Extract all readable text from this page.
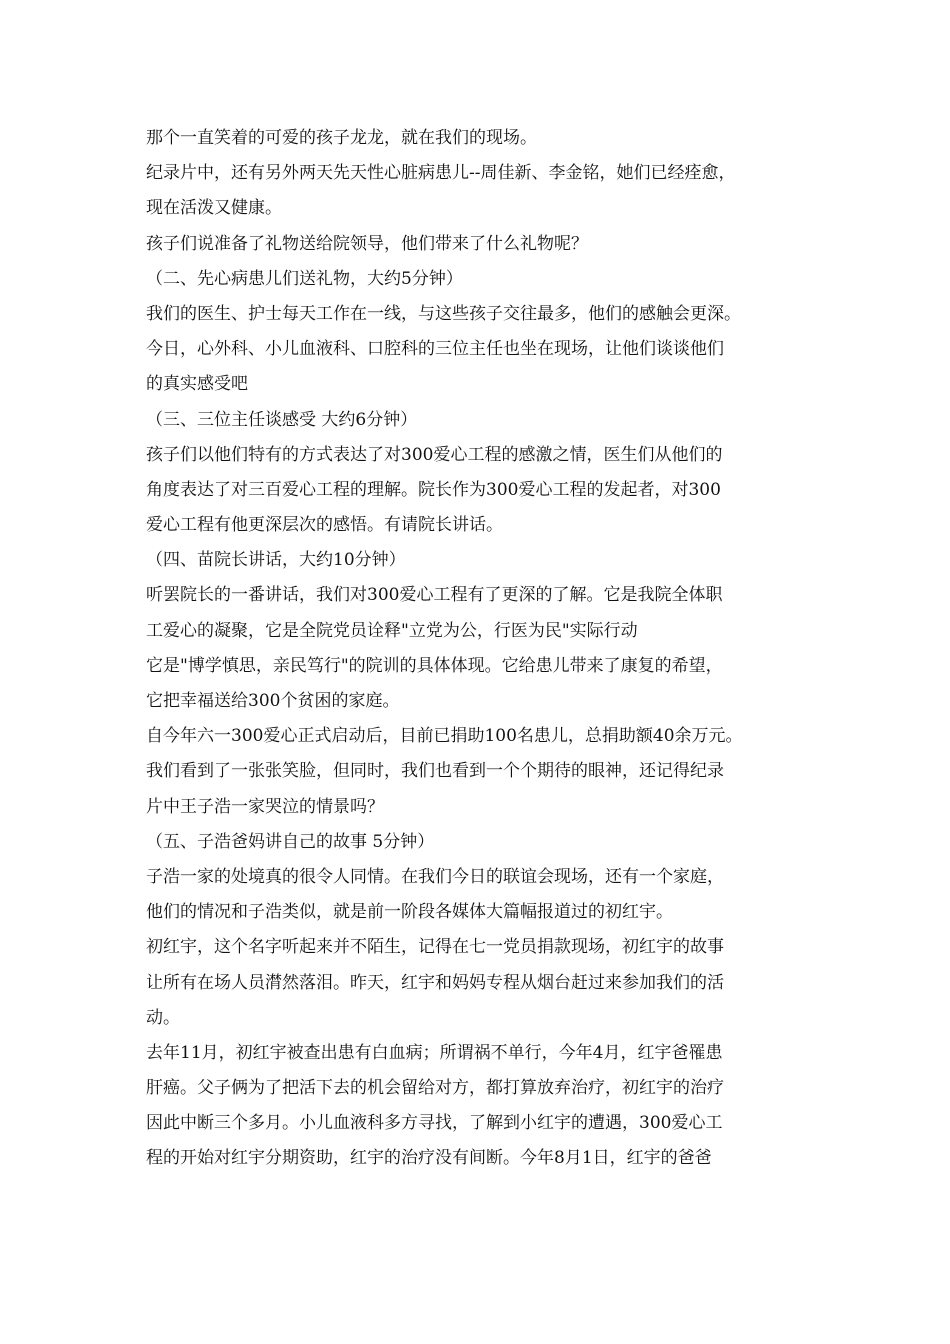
那个一直笑着的可爱的孩子龙龙，就在我们的现场。
纪录片中，还有另外两天先天性心脏病患儿--周佳新、李金铭，她们已经痊愈，
现在活泼又健康。
孩子们说准备了礼物送给院领导，他们带来了什么礼物呢？
（二、先心病患儿们送礼物，大约5分钟）
我们的医生、护士每天工作在一线，与这些孩子交往最多，他们的感触会更深。
今日，心外科、小儿血液科、口腔科的三位主任也坐在现场，让他们谈谈他们
的真实感受吧
（三、三位主任谈感受 大约6分钟）
孩子们以他们特有的方式表达了对300爱心工程的感激之情，医生们从他们的
角度表达了对三百爱心工程的理解。院长作为300爱心工程的发起者，对300
爱心工程有他更深层次的感悟。有请院长讲话。
（四、苗院长讲话，大约10分钟）
听罢院长的一番讲话，我们对300爱心工程有了更深的了解。它是我院全体职
工爱心的凝聚，它是全院党员诠释"立党为公，行医为民"实际行动
它是"博学慎思，亲民笃行"的院训的具体体现。它给患儿带来了康复的希望，
它把幸福送给300个贫困的家庭。
自今年六一300爱心正式启动后，目前已捐助100名患儿，总捐助额40余万元。
我们看到了一张张笑脸，但同时，我们也看到一个个期待的眼神，还记得纪录
片中王子浩一家哭泣的情景吗？
（五、子浩爸妈讲自己的故事 5分钟）
子浩一家的处境真的很令人同情。在我们今日的联谊会现场，还有一个家庭，
他们的情况和子浩类似，就是前一阶段各媒体大篇幅报道过的初红宇。
初红宇，这个名字听起来并不陌生，记得在七一党员捐款现场，初红宇的故事
让所有在场人员潸然落泪。昨天，红宇和妈妈专程从烟台赶过来参加我们的活
动。
去年11月，初红宇被查出患有白血病；所谓祸不单行，今年4月，红宇爸罹患
肝癌。父子俩为了把活下去的机会留给对方，都打算放弃治疗，初红宇的治疗
因此中断三个多月。小儿血液科多方寻找，了解到小红宇的遭遇，300爱心工
程的开始对红宇分期资助，红宇的治疗没有间断。今年8月1日，红宇的爸爸
